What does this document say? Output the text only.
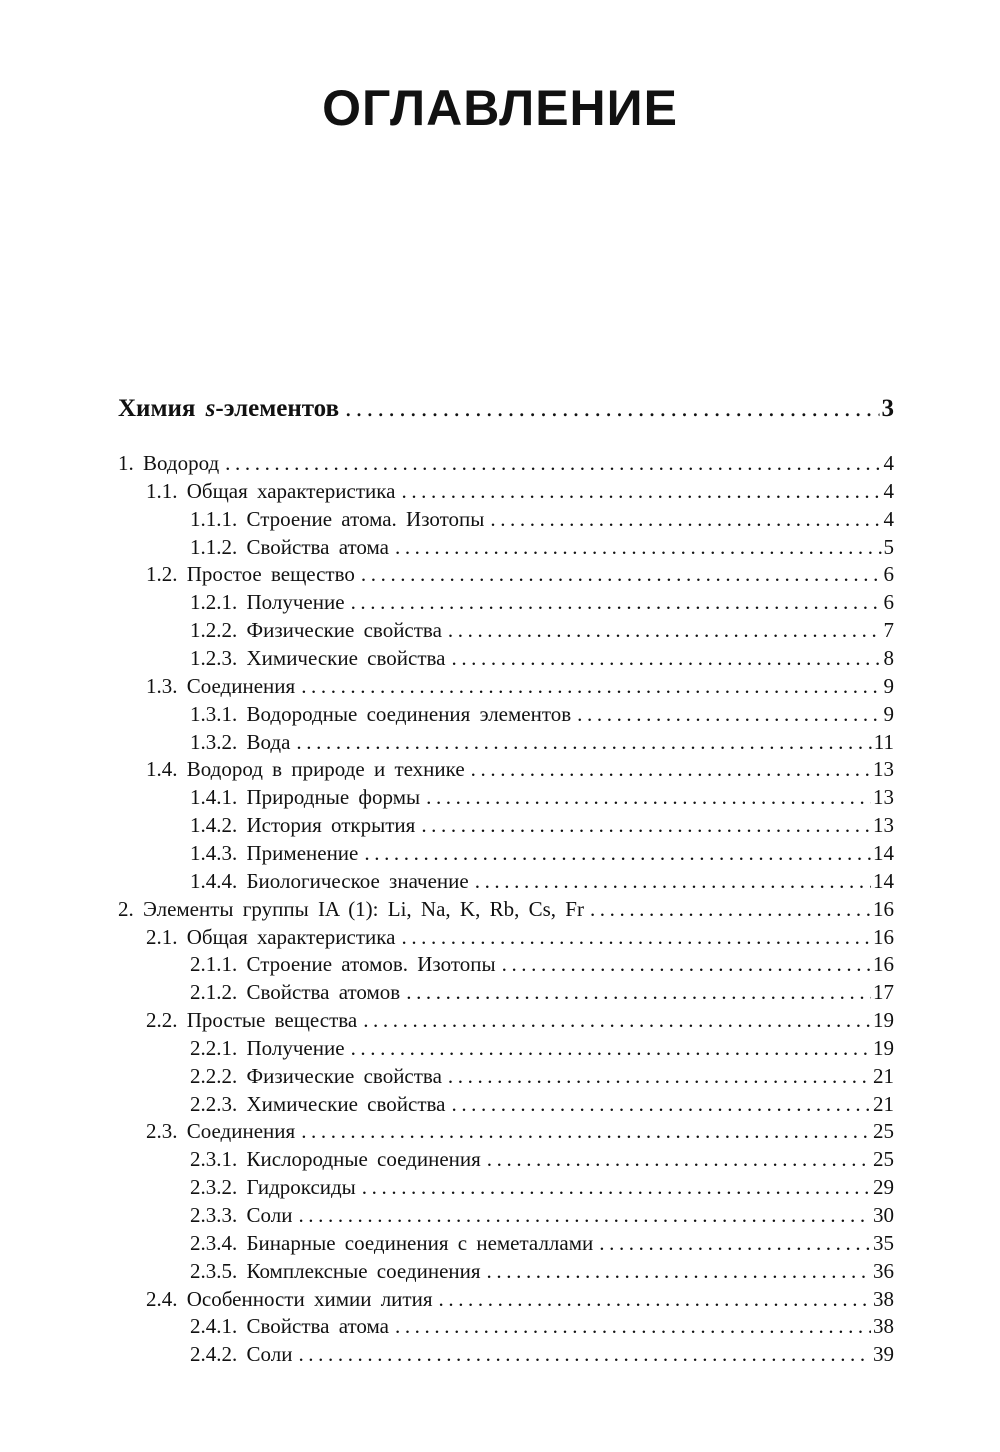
ОГЛАВЛЕНИЕ
Химия s-элементов .....	3
1. Водород .....	4
1.1. Общая характеристика .....	4
1.1.1. Строение атома. Изотопы .....	4
1.1.2. Свойства атома .....	5
1.2. Простое вещество .....	6
1.2.1. Получение .....	6
1.2.2. Физические свойства .....	7
1.2.3. Химические свойства .....	8
1.3. Соединения .....	9
1.3.1. Водородные соединения элементов .....	9
1.3.2. Вода .....	11
1.4. Водород в природе и технике .....	13
1.4.1. Природные формы .....	13
1.4.2. История открытия .....	13
1.4.3. Применение .....	14
1.4.4. Биологическое значение .....	14
2. Элементы группы IA (1): Li, Na, K, Rb, Cs, Fr .....	16
2.1. Общая характеристика .....	16
2.1.1. Строение атомов. Изотопы .....	16
2.1.2. Свойства атомов .....	17
2.2. Простые вещества .....	19
2.2.1. Получение .....	19
2.2.2. Физические свойства .....	21
2.2.3. Химические свойства .....	21
2.3. Соединения .....	25
2.3.1. Кислородные соединения .....	25
2.3.2. Гидроксиды .....	29
2.3.3. Соли .....	30
2.3.4. Бинарные соединения с неметаллами .....	35
2.3.5. Комплексные соединения .....	36
2.4. Особенности химии лития .....	38
2.4.1. Свойства атома .....	38
2.4.2. Соли .....	39
